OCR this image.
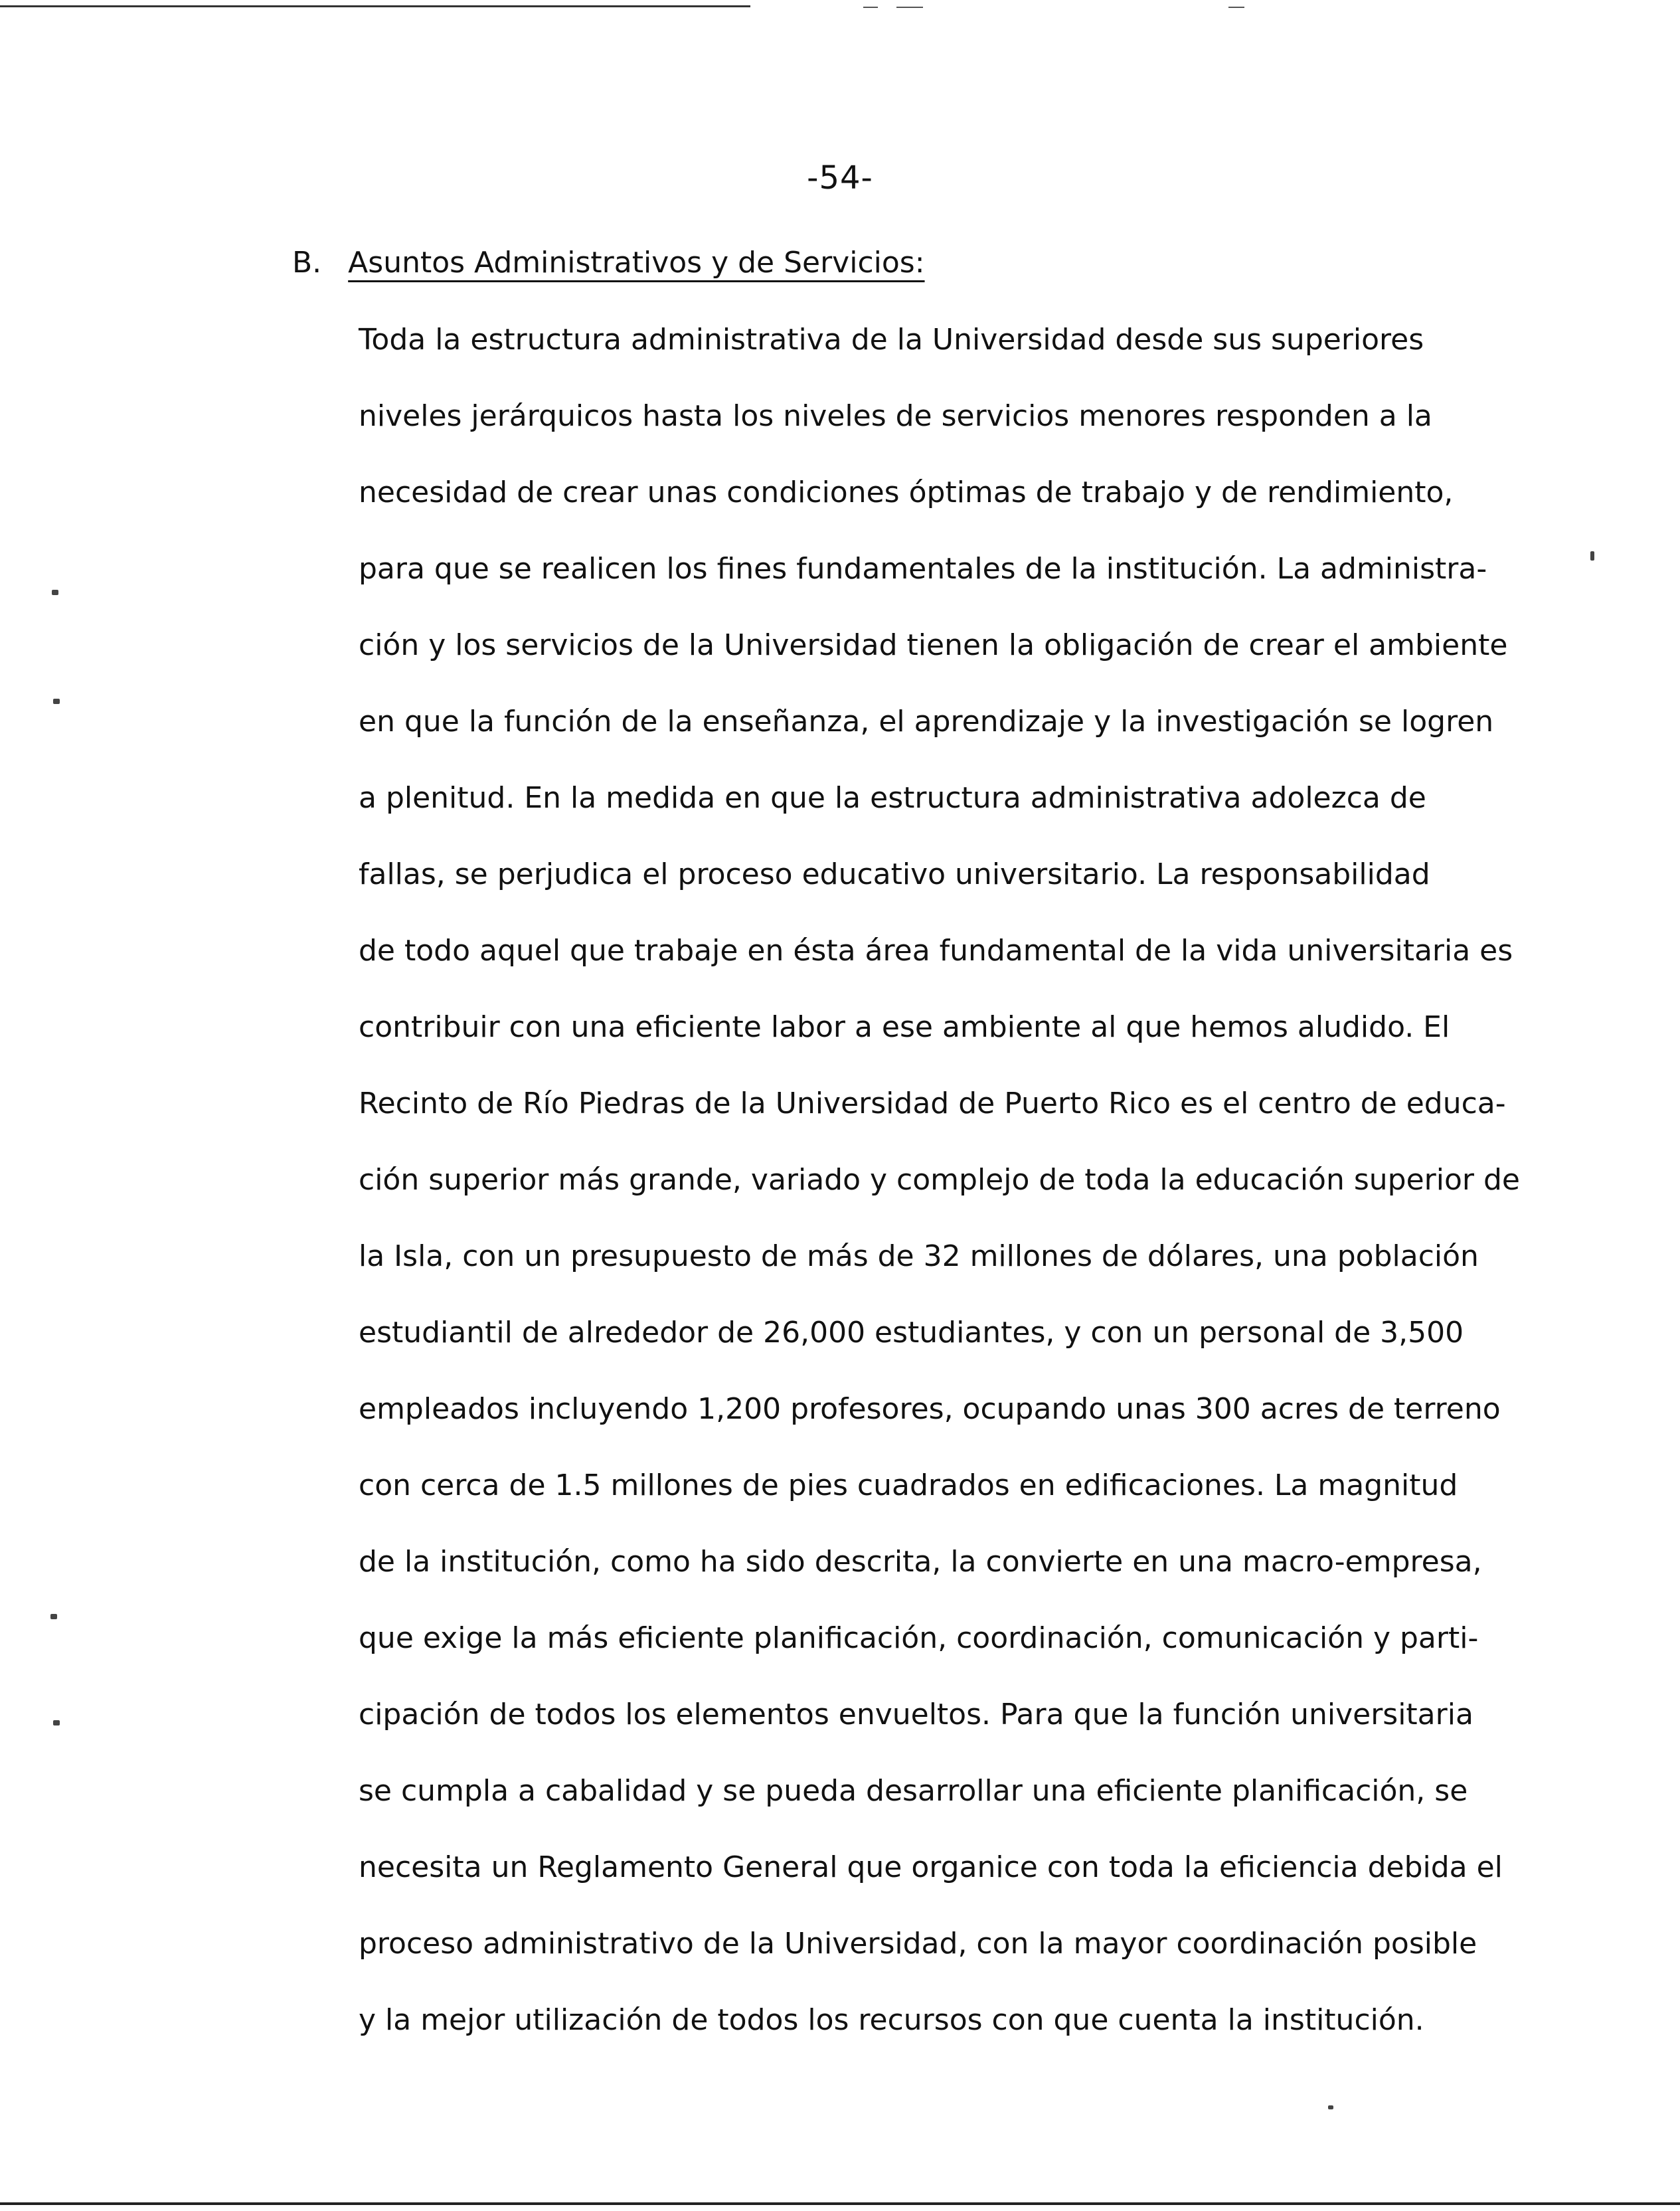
-54-
B. Asuntos Administrativos y de Servicios:
Toda la estructura administrativa de la Universidad desde sus superiores
niveles jerárquicos hasta los niveles de servicios menores responden a la
necesidad de crear unas condiciones óptimas de trabajo y de rendimiento,
para que se realicen los fines fundamentales de la institución. La administra-
ción y los servicios de la Universidad tienen la obligación de crear el ambiente
en que la función de la enseñanza, el aprendizaje y la investigación se logren
a plenitud. En la medida en que la estructura administrativa adolezca de
fallas, se perjudica el proceso educativo universitario. La responsabilidad
de todo aquel que trabaje en ésta área fundamental de la vida universitaria es
contribuir con una eficiente labor a ese ambiente al que hemos aludido. El
Recinto de Río Piedras de la Universidad de Puerto Rico es el centro de educa-
ción superior más grande, variado y complejo de toda la educación superior de
la Isla, con un presupuesto de más de 32 millones de dólares, una población
estudiantil de alrededor de 26,000 estudiantes, y con un personal de 3,500
empleados incluyendo 1,200 profesores, ocupando unas 300 acres de terreno
con cerca de 1.5 millones de pies cuadrados en edificaciones. La magnitud
de la institución, como ha sido descrita, la convierte en una macro-empresa,
que exige la más eficiente planificación, coordinación, comunicación y parti-
cipación de todos los elementos envueltos. Para que la función universitaria
se cumpla a cabalidad y se pueda desarrollar una eficiente planificación, se
necesita un Reglamento General que organice con toda la eficiencia debida el
proceso administrativo de la Universidad, con la mayor coordinación posible
y la mejor utilización de todos los recursos con que cuenta la institución.
